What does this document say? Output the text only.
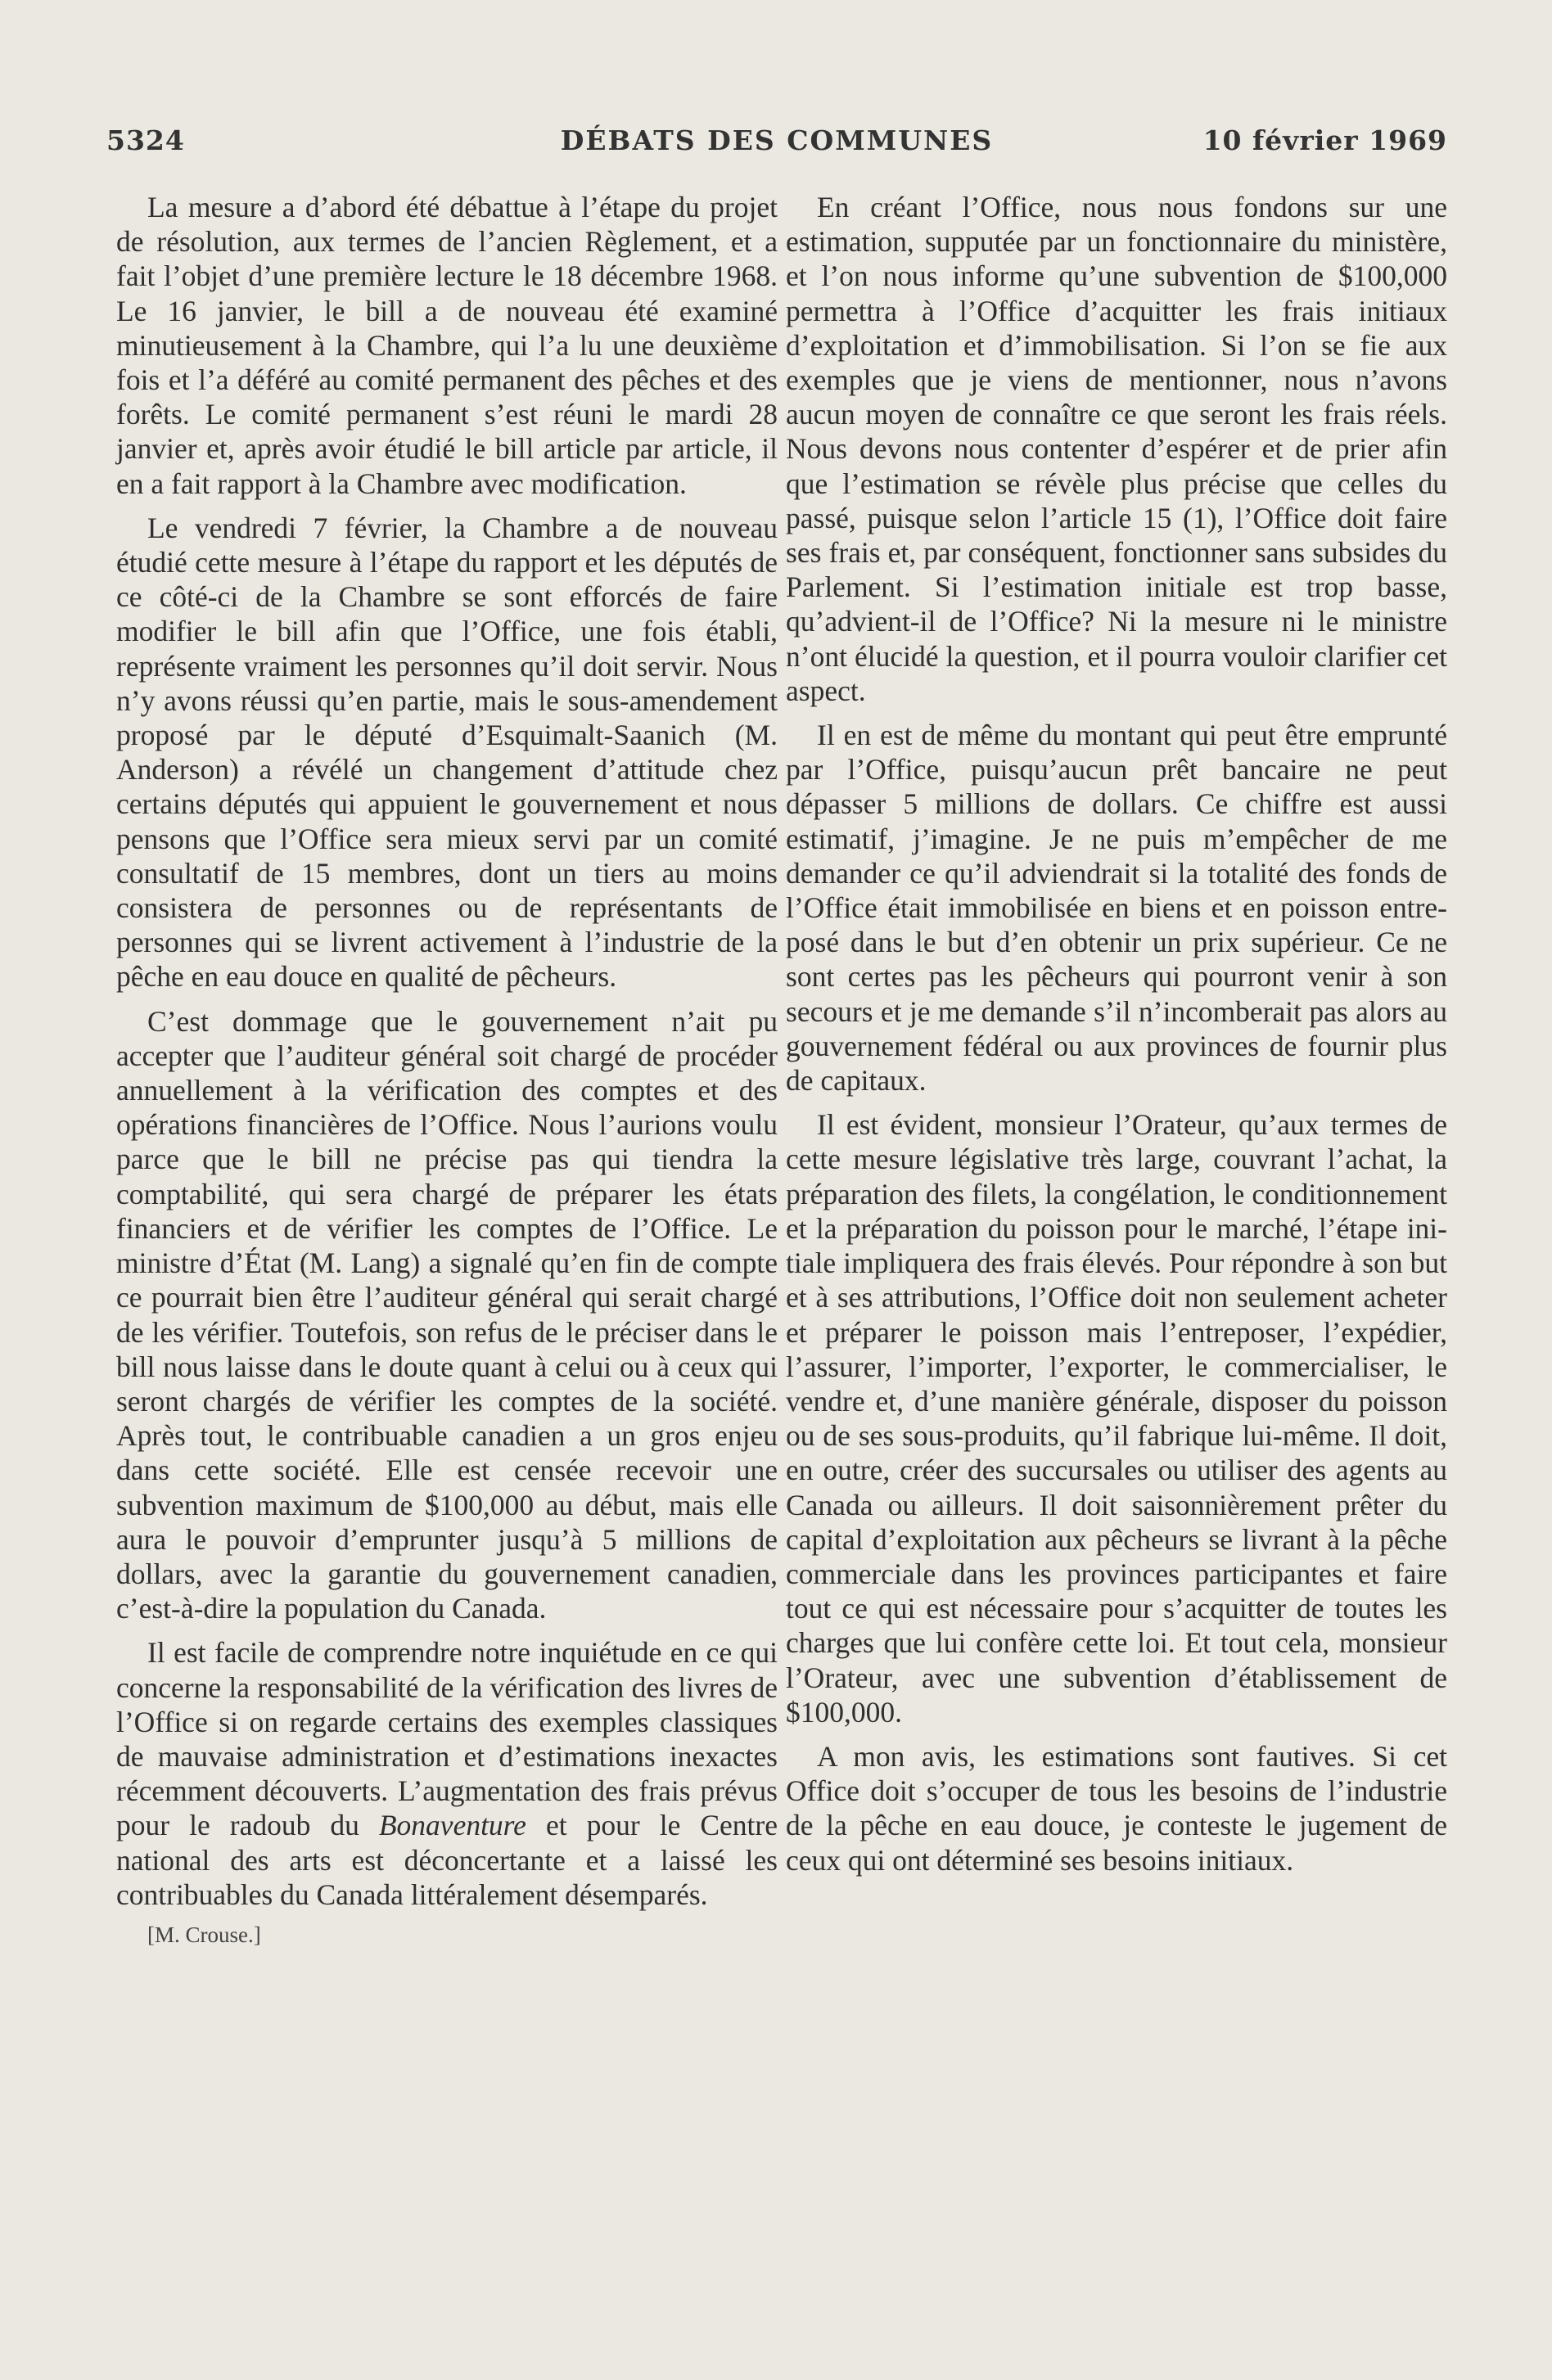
5324	DÉBATS DES COMMUNES	10 février 1969

La mesure a d’abord été débattue à l’étape du projet de résolution, aux termes de l’ancien Règlement, et a fait l’objet d’une première lecture le 18 décembre 1968. Le 16 janvier, le bill a de nouveau été examiné minutieusement à la Chambre, qui l’a lu une deuxième fois et l’a déféré au comité permanent des pêches et des forêts. Le comité permanent s’est réuni le mardi 28 janvier et, après avoir étudié le bill article par article, il en a fait rapport à la Chambre avec modification.

Le vendredi 7 février, la Chambre a de nouveau étudié cette mesure à l’étape du rapport et les députés de ce côté-ci de la Chambre se sont efforcés de faire modifier le bill afin que l’Office, une fois établi, représente vraiment les personnes qu’il doit servir. Nous n’y avons réussi qu’en partie, mais le sous-amendement proposé par le député d’Esquimalt-Saanich (M. Anderson) a révélé un changement d’attitude chez certains députés qui appuient le gouvernement et nous pensons que l’Office sera mieux servi par un comité consultatif de 15 membres, dont un tiers au moins consistera de personnes ou de représentants de personnes qui se livrent activement à l’industrie de la pêche en eau douce en qualité de pêcheurs.

C’est dommage que le gouvernement n’ait pu accepter que l’auditeur général soit chargé de procéder annuellement à la vérification des comptes et des opérations financières de l’Office. Nous l’aurions voulu parce que le bill ne précise pas qui tiendra la comptabilité, qui sera chargé de préparer les états financiers et de vérifier les comptes de l’Office. Le ministre d’État (M. Lang) a signalé qu’en fin de compte ce pourrait bien être l’auditeur général qui serait chargé de les vérifier. Toutefois, son refus de le préciser dans le bill nous laisse dans le doute quant à celui ou à ceux qui seront chargés de vérifier les comptes de la société. Après tout, le contribuable canadien a un gros enjeu dans cette société. Elle est censée recevoir une subvention maximum de $100,000 au début, mais elle aura le pouvoir d’emprunter jusqu’à 5 millions de dollars, avec la garantie du gouvernement canadien, c’est-à-dire la population du Canada.

Il est facile de comprendre notre inquiétude en ce qui concerne la responsabilité de la vérification des livres de l’Office si on regarde certains des exemples classiques de mauvaise administration et d’estimations inexactes récemment découverts. L’augmentation des frais prévus pour le radoub du Bonaventure et pour le Centre national des arts est déconcertante et a laissé les contribuables du Canada littéralement désemparés.

[M. Crouse.]

En créant l’Office, nous nous fondons sur une estimation, supputée par un fonctionnaire du ministère, et l’on nous informe qu’une subvention de $100,000 permettra à l’Office d’acquitter les frais initiaux d’exploitation et d’immobilisation. Si l’on se fie aux exemples que je viens de mentionner, nous n’avons aucun moyen de connaître ce que seront les frais réels. Nous devons nous contenter d’espérer et de prier afin que l’estimation se révèle plus précise que celles du passé, puisque selon l’article 15 (1), l’Office doit faire ses frais et, par conséquent, fonctionner sans subsides du Parlement. Si l’estimation initiale est trop basse, qu’advient-il de l’Office? Ni la mesure ni le ministre n’ont élucidé la question, et il pourra vouloir clarifier cet aspect.

Il en est de même du montant qui peut être emprunté par l’Office, puisqu’aucun prêt bancaire ne peut dépasser 5 millions de dollars. Ce chiffre est aussi estimatif, j’imagine. Je ne puis m’empêcher de me demander ce qu’il adviendrait si la totalité des fonds de l’Office était immobilisée en biens et en poisson entreposé dans le but d’en obtenir un prix supérieur. Ce ne sont certes pas les pêcheurs qui pourront venir à son secours et je me demande s’il n’incomberait pas alors au gouvernement fédéral ou aux provinces de fournir plus de capitaux.

Il est évident, monsieur l’Orateur, qu’aux termes de cette mesure législative très large, couvrant l’achat, la préparation des filets, la congélation, le conditionnement et la préparation du poisson pour le marché, l’étape initiale impliquera des frais élevés. Pour répondre à son but et à ses attributions, l’Office doit non seulement acheter et préparer le poisson mais l’entreposer, l’expédier, l’assurer, l’importer, l’exporter, le commercialiser, le vendre et, d’une manière générale, disposer du poisson ou de ses sous-produits, qu’il fabrique lui-même. Il doit, en outre, créer des succursales ou utiliser des agents au Canada ou ailleurs. Il doit saisonnièrement prêter du capital d’exploitation aux pêcheurs se livrant à la pêche commerciale dans les provinces participantes et faire tout ce qui est nécessaire pour s’acquitter de toutes les charges que lui confère cette loi. Et tout cela, monsieur l’Orateur, avec une subvention d’établissement de $100,000.

A mon avis, les estimations sont fautives. Si cet Office doit s’occuper de tous les besoins de l’industrie de la pêche en eau douce, je conteste le jugement de ceux qui ont déterminé ses besoins initiaux.
